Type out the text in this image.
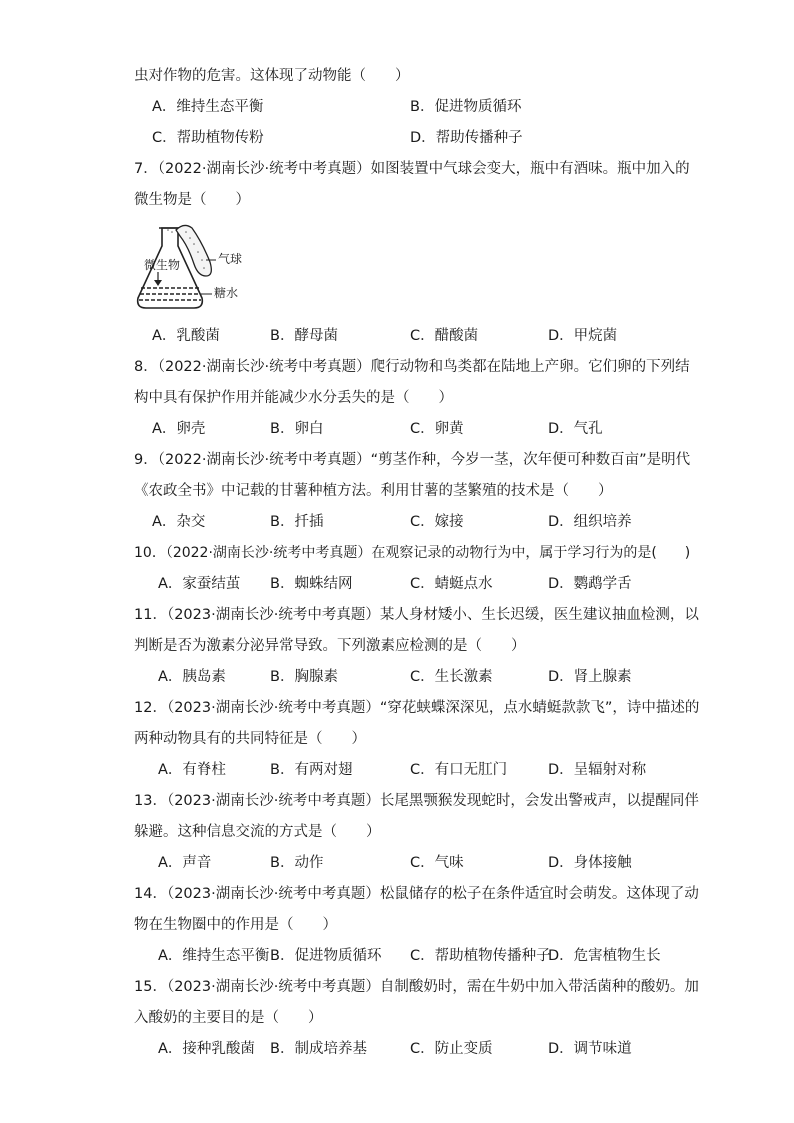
虫对作物的危害。这体现了动物能（　　）
A．维持生态平衡	B．促进物质循环
C．帮助植物传粉	D．帮助传播种子
7．（2022·湖南长沙·统考中考真题）如图装置中气球会变大，瓶中有酒味。瓶中加入的
微生物是（　　）
气球
微生物
糖水
A．乳酸菌	B．酵母菌	C．醋酸菌	D．甲烷菌
8．（2022·湖南长沙·统考中考真题）爬行动物和鸟类都在陆地上产卵。它们卵的下列结
构中具有保护作用并能减少水分丢失的是（　　）
A．卵壳	B．卵白	C．卵黄	D．气孔
9．（2022·湖南长沙·统考中考真题）“剪茎作种，今岁一茎，次年便可种数百亩”是明代
《农政全书》中记载的甘薯种植方法。利用甘薯的茎繁殖的技术是（　　）
A．杂交	B．扦插	C．嫁接	D．组织培养
10．（2022·湖南长沙·统考中考真题）在观察记录的动物行为中，属于学习行为的是(　　)
A．家蚕结茧 B．蜘蛛结网	C．蜻蜓点水	D．鹦鹉学舌
11．（2023·湖南长沙·统考中考真题）某人身材矮小、生长迟缓，医生建议抽血检测，以
判断是否为激素分泌异常导致。下列激素应检测的是（　　）
A．胰岛素	B．胸腺素	C．生长激素	D．肾上腺素
12．（2023·湖南长沙·统考中考真题）“穿花蛱蝶深深见，点水蜻蜓款款飞”，诗中描述的
两种动物具有的共同特征是（　　）
A．有脊柱	B．有两对翅	C．有口无肛门	D．呈辐射对称
13．（2023·湖南长沙·统考中考真题）长尾黑颚猴发现蛇时，会发出警戒声，以提醒同伴
躲避。这种信息交流的方式是（　　）
A．声音	B．动作	C．气味	D．身体接触
14．（2023·湖南长沙·统考中考真题）松鼠储存的松子在条件适宜时会萌发。这体现了动
物在生物圈中的作用是（　　）
A．维持生态平衡 B．促进物质循环 C．帮助植物传播种子
D．危害植物生长
15．（2023·湖南长沙·统考中考真题）自制酸奶时，需在牛奶中加入带活菌种的酸奶。加
入酸奶的主要目的是（　　）
A．接种乳酸菌 B．制成培养基	C．防止变质	D．调节味道
